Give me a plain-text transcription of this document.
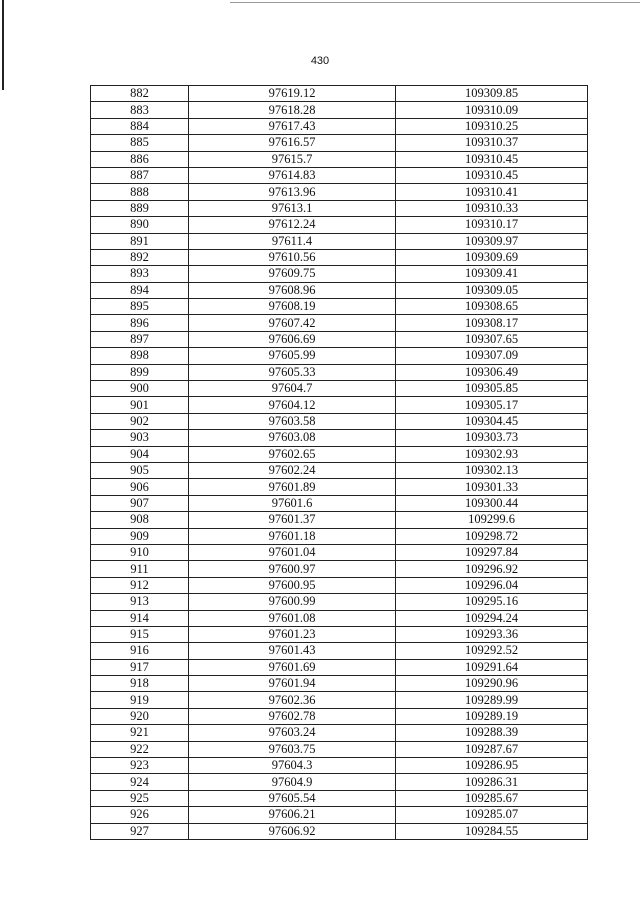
430
882	97619.12	109309.85
883	97618.28	109310.09
884	97617.43	109310.25
885	97616.57	109310.37
886	97615.7	109310.45
887	97614.83	109310.45
888	97613.96	109310.41
889	97613.1	109310.33
890	97612.24	109310.17
891	97611.4	109309.97
892	97610.56	109309.69
893	97609.75	109309.41
894	97608.96	109309.05
895	97608.19	109308.65
896	97607.42	109308.17
897	97606.69	109307.65
898	97605.99	109307.09
899	97605.33	109306.49
900	97604.7	109305.85
901	97604.12	109305.17
902	97603.58	109304.45
903	97603.08	109303.73
904	97602.65	109302.93
905	97602.24	109302.13
906	97601.89	109301.33
907	97601.6	109300.44
908	97601.37	109299.6
909	97601.18	109298.72
910	97601.04	109297.84
911	97600.97	109296.92
912	97600.95	109296.04
913	97600.99	109295.16
914	97601.08	109294.24
915	97601.23	109293.36
916	97601.43	109292.52
917	97601.69	109291.64
918	97601.94	109290.96
919	97602.36	109289.99
920	97602.78	109289.19
921	97603.24	109288.39
922	97603.75	109287.67
923	97604.3	109286.95
924	97604.9	109286.31
925	97605.54	109285.67
926	97606.21	109285.07
927	97606.92	109284.55
